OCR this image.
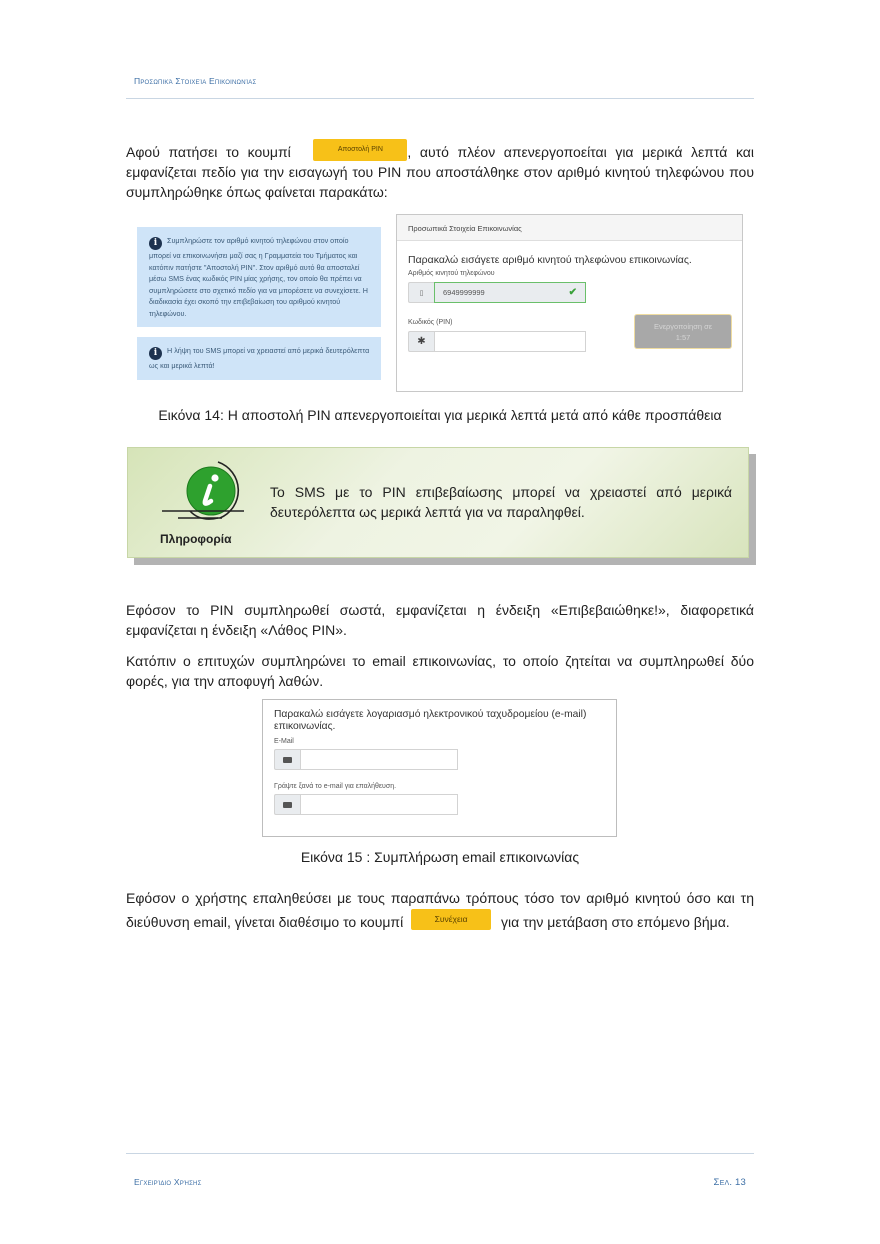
Προσωπικά Στοιχεία Επικοινωνίας

Αφού πατήσει το κουμπί	Αποστολή PIN , αυτό πλέον απενεργοποείται για μερικά λεπτά και εμφανίζεται πεδίο για την εισαγωγή του PIN που αποστάλθηκε στον αριθμό κινητού τηλεφώνου που συμπληρώθηκε όπως φαίνεται παρακάτω:

i Συμπληρώστε τον αριθμό κινητού τηλεφώνου στον οποίο μπορεί να επικοινωνήσει μαζί σας η Γραμματεία του Τμήματος και κατόπιν πατήστε "Αποστολή PIN". Στον αριθμό αυτό θα αποσταλεί μέσω SMS ένας κωδικός PIN μίας χρήσης, τον οποίο θα πρέπει να συμπληρώσετε στο σχετικό πεδίο για να μπορέσετε να συνεχίσετε. Η διαδικασία έχει σκοπό την επιβεβαίωση του αριθμού κινητού τηλεφώνου.
i Η λήψη του SMS μπορεί να χρειαστεί από μερικά δευτερόλεπτα ως και μερικά λεπτά!
Προσωπικά Στοιχεία Επικοινωνίας
Παρακαλώ εισάγετε αριθμό κινητού τηλεφώνου επικοινωνίας.
Αριθμός κινητού τηλεφώνου
▯	6949999999	✔
Ενεργοποίηση σε
1:57
Κωδικός (PIN)
✱
Εικόνα 14: Η αποστολή PIN απενεργοποιείται για μερικά λεπτά μετά από κάθε προσπάθεια
Πληροφορία
Το SMS με το PIN επιβεβαίωσης μπορεί να χρειαστεί από μερικά δευτερόλεπτα ως μερικά λεπτά για να παραληφθεί.

Εφόσον το PIN συμπληρωθεί σωστά, εμφανίζεται η ένδειξη «Επιβεβαιώθηκε!», διαφορετικά εμφανίζεται η ένδειξη «Λάθος PIN».

Κατόπιν ο επιτυχών συμπληρώνει το email επικοινωνίας, το οποίο ζητείται να συμπληρωθεί δύο φορές, για την αποφυγή λαθών.

Παρακαλώ εισάγετε λογαριασμό ηλεκτρονικού ταχυδρομείου (e-mail) επικοινωνίας.
E-Mail
Γράψτε ξανά το e-mail για επαλήθευση.
Εικόνα 15 : Συμπλήρωση email επικοινωνίας

Εφόσον ο χρήστης επαληθεύσει με τους παραπάνω τρόπους τόσο τον αριθμό κινητού όσο και τη διεύθυνση email, γίνεται διαθέσιμο το κουμπί	Συνέχεια για την μετάβαση στο επόμενο βήμα.

Εγχειρίδιο Χρήσης	Σελ. 13
